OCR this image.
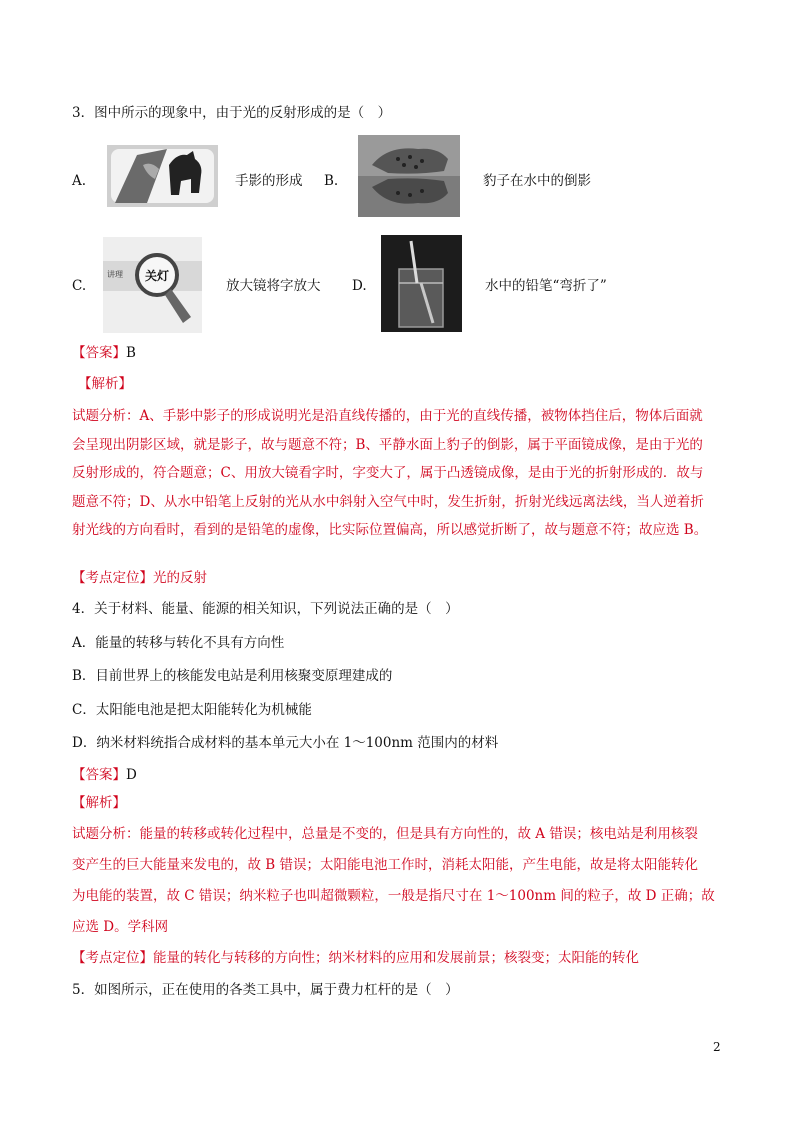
3．图中所示的现象中，由于光的反射形成的是（　）
A.	手影的形成 B.	豹子在水中的倒影
C.
讲理 关灯
放大镜将字放大 D.	水中的铅笔“弯折了”
【答案】B
【解析】
试题分析：A、手影中影子的形成说明光是沿直线传播的，由于光的直线传播，被物体挡住后，物体后面就
会呈现出阴影区域，就是影子，故与题意不符；B、平静水面上豹子的倒影，属于平面镜成像，是由于光的
反射形成的，符合题意；C、用放大镜看字时，字变大了，属于凸透镜成像，是由于光的折射形成的．故与
题意不符；D、从水中铅笔上反射的光从水中斜射入空气中时，发生折射，折射光线远离法线，当人逆着折
射光线的方向看时，看到的是铅笔的虚像，比实际位置偏高，所以感觉折断了，故与题意不符；故应选 B。
【考点定位】光的反射
4．关于材料、能量、能源的相关知识，下列说法正确的是（　）
A．能量的转移与转化不具有方向性
B．目前世界上的核能发电站是利用核聚变原理建成的
C．太阳能电池是把太阳能转化为机械能
D．纳米材料统指合成材料的基本单元大小在 1～100nm 范围内的材料
【答案】D
【解析】
试题分析：能量的转移或转化过程中，总量是不变的，但是具有方向性的，故 A 错误；核电站是利用核裂
变产生的巨大能量来发电的，故 B 错误；太阳能电池工作时，消耗太阳能，产生电能，故是将太阳能转化
为电能的装置，故 C 错误；纳米粒子也叫超微颗粒，一般是指尺寸在 1～100nm 间的粒子，故 D 正确；故
应选 D。学科网
【考点定位】能量的转化与转移的方向性；纳米材料的应用和发展前景；核裂变；太阳能的转化
5．如图所示，正在使用的各类工具中，属于费力杠杆的是（　）
2
